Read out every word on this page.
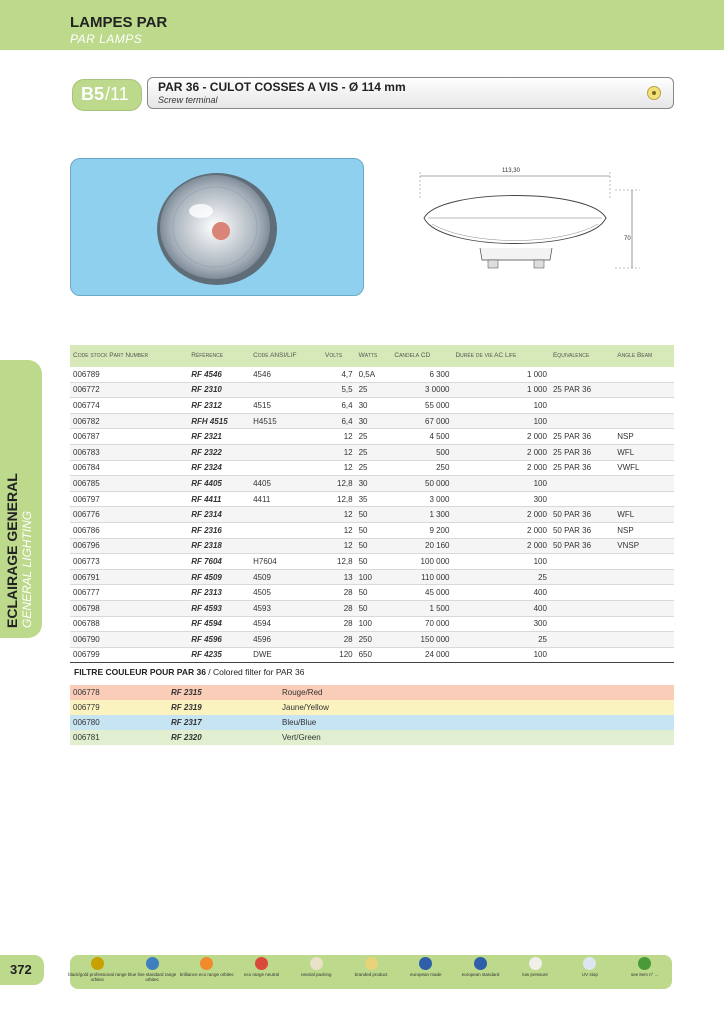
LAMPES PAR
PAR LAMPS
B5 /11 PAR 36 - CULOT COSSES A VIS - Ø 114 mm
Screw terminal
113,30
70
ECLAIRAGE GENERAL GENERAL LIGHTING
Code stock Part Number	Référence	Code ANSI/LIF	Volts	Watts	Candela CD	Durée de vie AC Life	Equivalence	Angle Beam
006789	RF 4546	4546	4,7	0,5A	6 300	1 000		
006772	RF 2310		5,5	25	3 0000	1 000	25 PAR 36	
006774	RF 2312	4515	6,4	30	55 000	100		
006782	RFH 4515	H4515	6,4	30	67 000	100		
006787	RF 2321		12	25	4 500	2 000	25 PAR 36	NSP
006783	RF 2322		12	25	500	2 000	25 PAR 36	WFL
006784	RF 2324		12	25	250	2 000	25 PAR 36	VWFL
006785	RF 4405	4405	12,8	30	50 000	100		
006797	RF 4411	4411	12,8	35	3 000	300		
006776	RF 2314		12	50	1 300	2 000	50 PAR 36	WFL
006786	RF 2316		12	50	9 200	2 000	50 PAR 36	NSP
006796	RF 2318		12	50	20 160	2 000	50 PAR 36	VNSP
006773	RF 7604	H7604	12,8	50	100 000	100		
006791	RF 4509	4509	13	100	110 000	25		
006777	RF 2313	4505	28	50	45 000	400		
006798	RF 4593	4593	28	50	1 500	400		
006788	RF 4594	4594	28	100	70 000	300		
006790	RF 4596	4596	28	250	150 000	25		
006799	RF 4235	DWE	120	650	24 000	100		
FILTRE COULEUR POUR PAR 36 / Colored filter for PAR 36
006778	RF 2315	Rouge/Red
006779	RF 2319	Jaune/Yellow
006780	RF 2317	Bleu/Blue
006781	RF 2320	Vert/Green
372	black/gold professional range orbitec
blue line standard range orbitec
brilliance eco range orbitec	eco range neutral	neutral packing	branded product	european made	european standard	low pressure	UV stop	see item n° ...
